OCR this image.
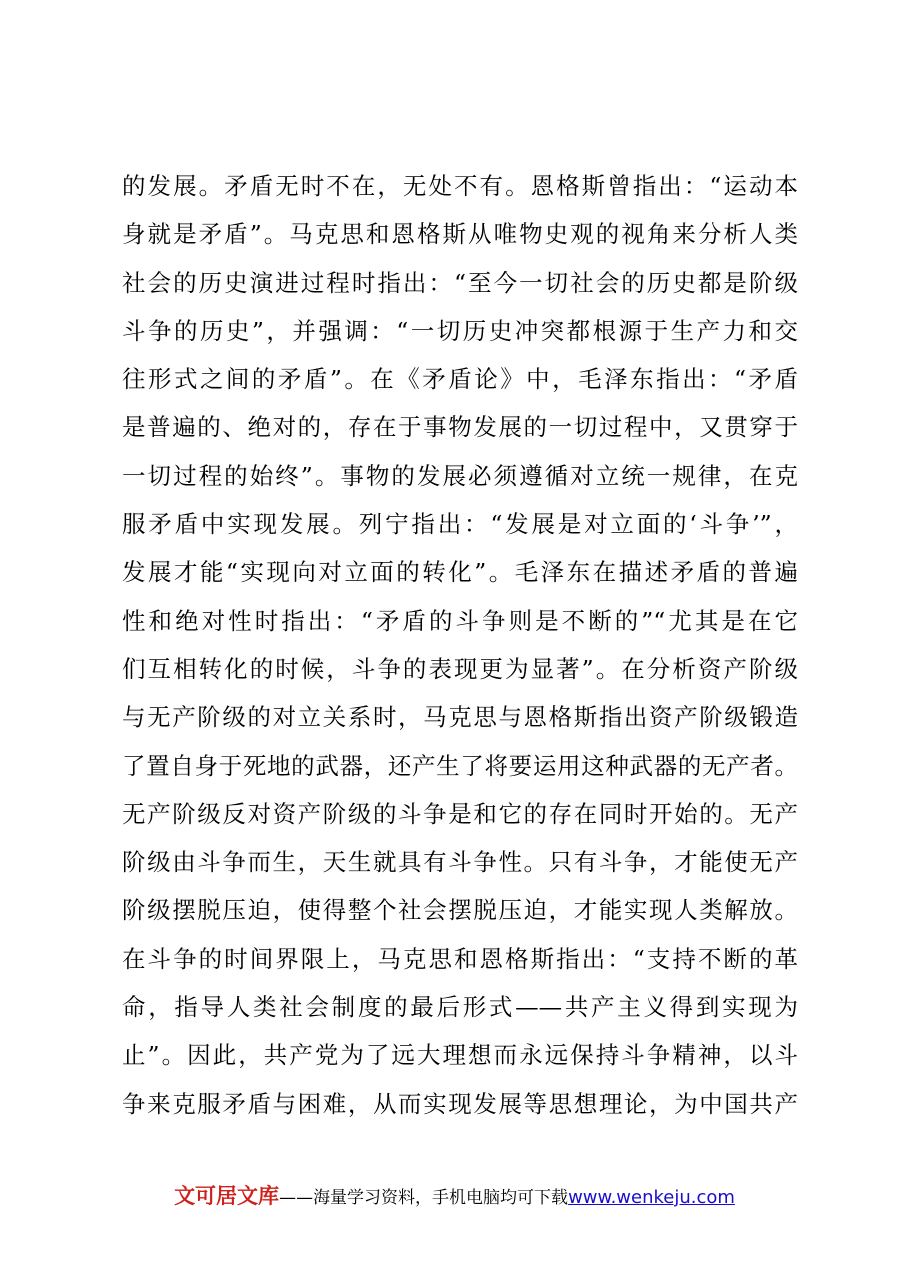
的发展。矛盾无时不在，无处不有。恩格斯曾指出：“运动本
身就是矛盾”。马克思和恩格斯从唯物史观的视角来分析人类
社会的历史演进过程时指出：“至今一切社会的历史都是阶级
斗争的历史”，并强调：“一切历史冲突都根源于生产力和交
往形式之间的矛盾”。在《矛盾论》中，毛泽东指出：“矛盾
是普遍的、绝对的，存在于事物发展的一切过程中，又贯穿于
一切过程的始终”。事物的发展必须遵循对立统一规律，在克
服矛盾中实现发展。列宁指出：“发展是对立面的‘斗争’”，
发展才能“实现向对立面的转化”。毛泽东在描述矛盾的普遍
性和绝对性时指出：“矛盾的斗争则是不断的”“尤其是在它
们互相转化的时候，斗争的表现更为显著”。在分析资产阶级
与无产阶级的对立关系时，马克思与恩格斯指出资产阶级锻造
了置自身于死地的武器，还产生了将要运用这种武器的无产者。
无产阶级反对资产阶级的斗争是和它的存在同时开始的。无产
阶级由斗争而生，天生就具有斗争性。只有斗争，才能使无产
阶级摆脱压迫，使得整个社会摆脱压迫，才能实现人类解放。
在斗争的时间界限上，马克思和恩格斯指出：“支持不断的革
命，指导人类社会制度的最后形式——共产主义得到实现为
止”。因此，共产党为了远大理想而永远保持斗争精神，以斗
争来克服矛盾与困难，从而实现发展等思想理论，为中国共产
文可居文库——海量学习资料，手机电脑均可下载www.wenkeju.com
